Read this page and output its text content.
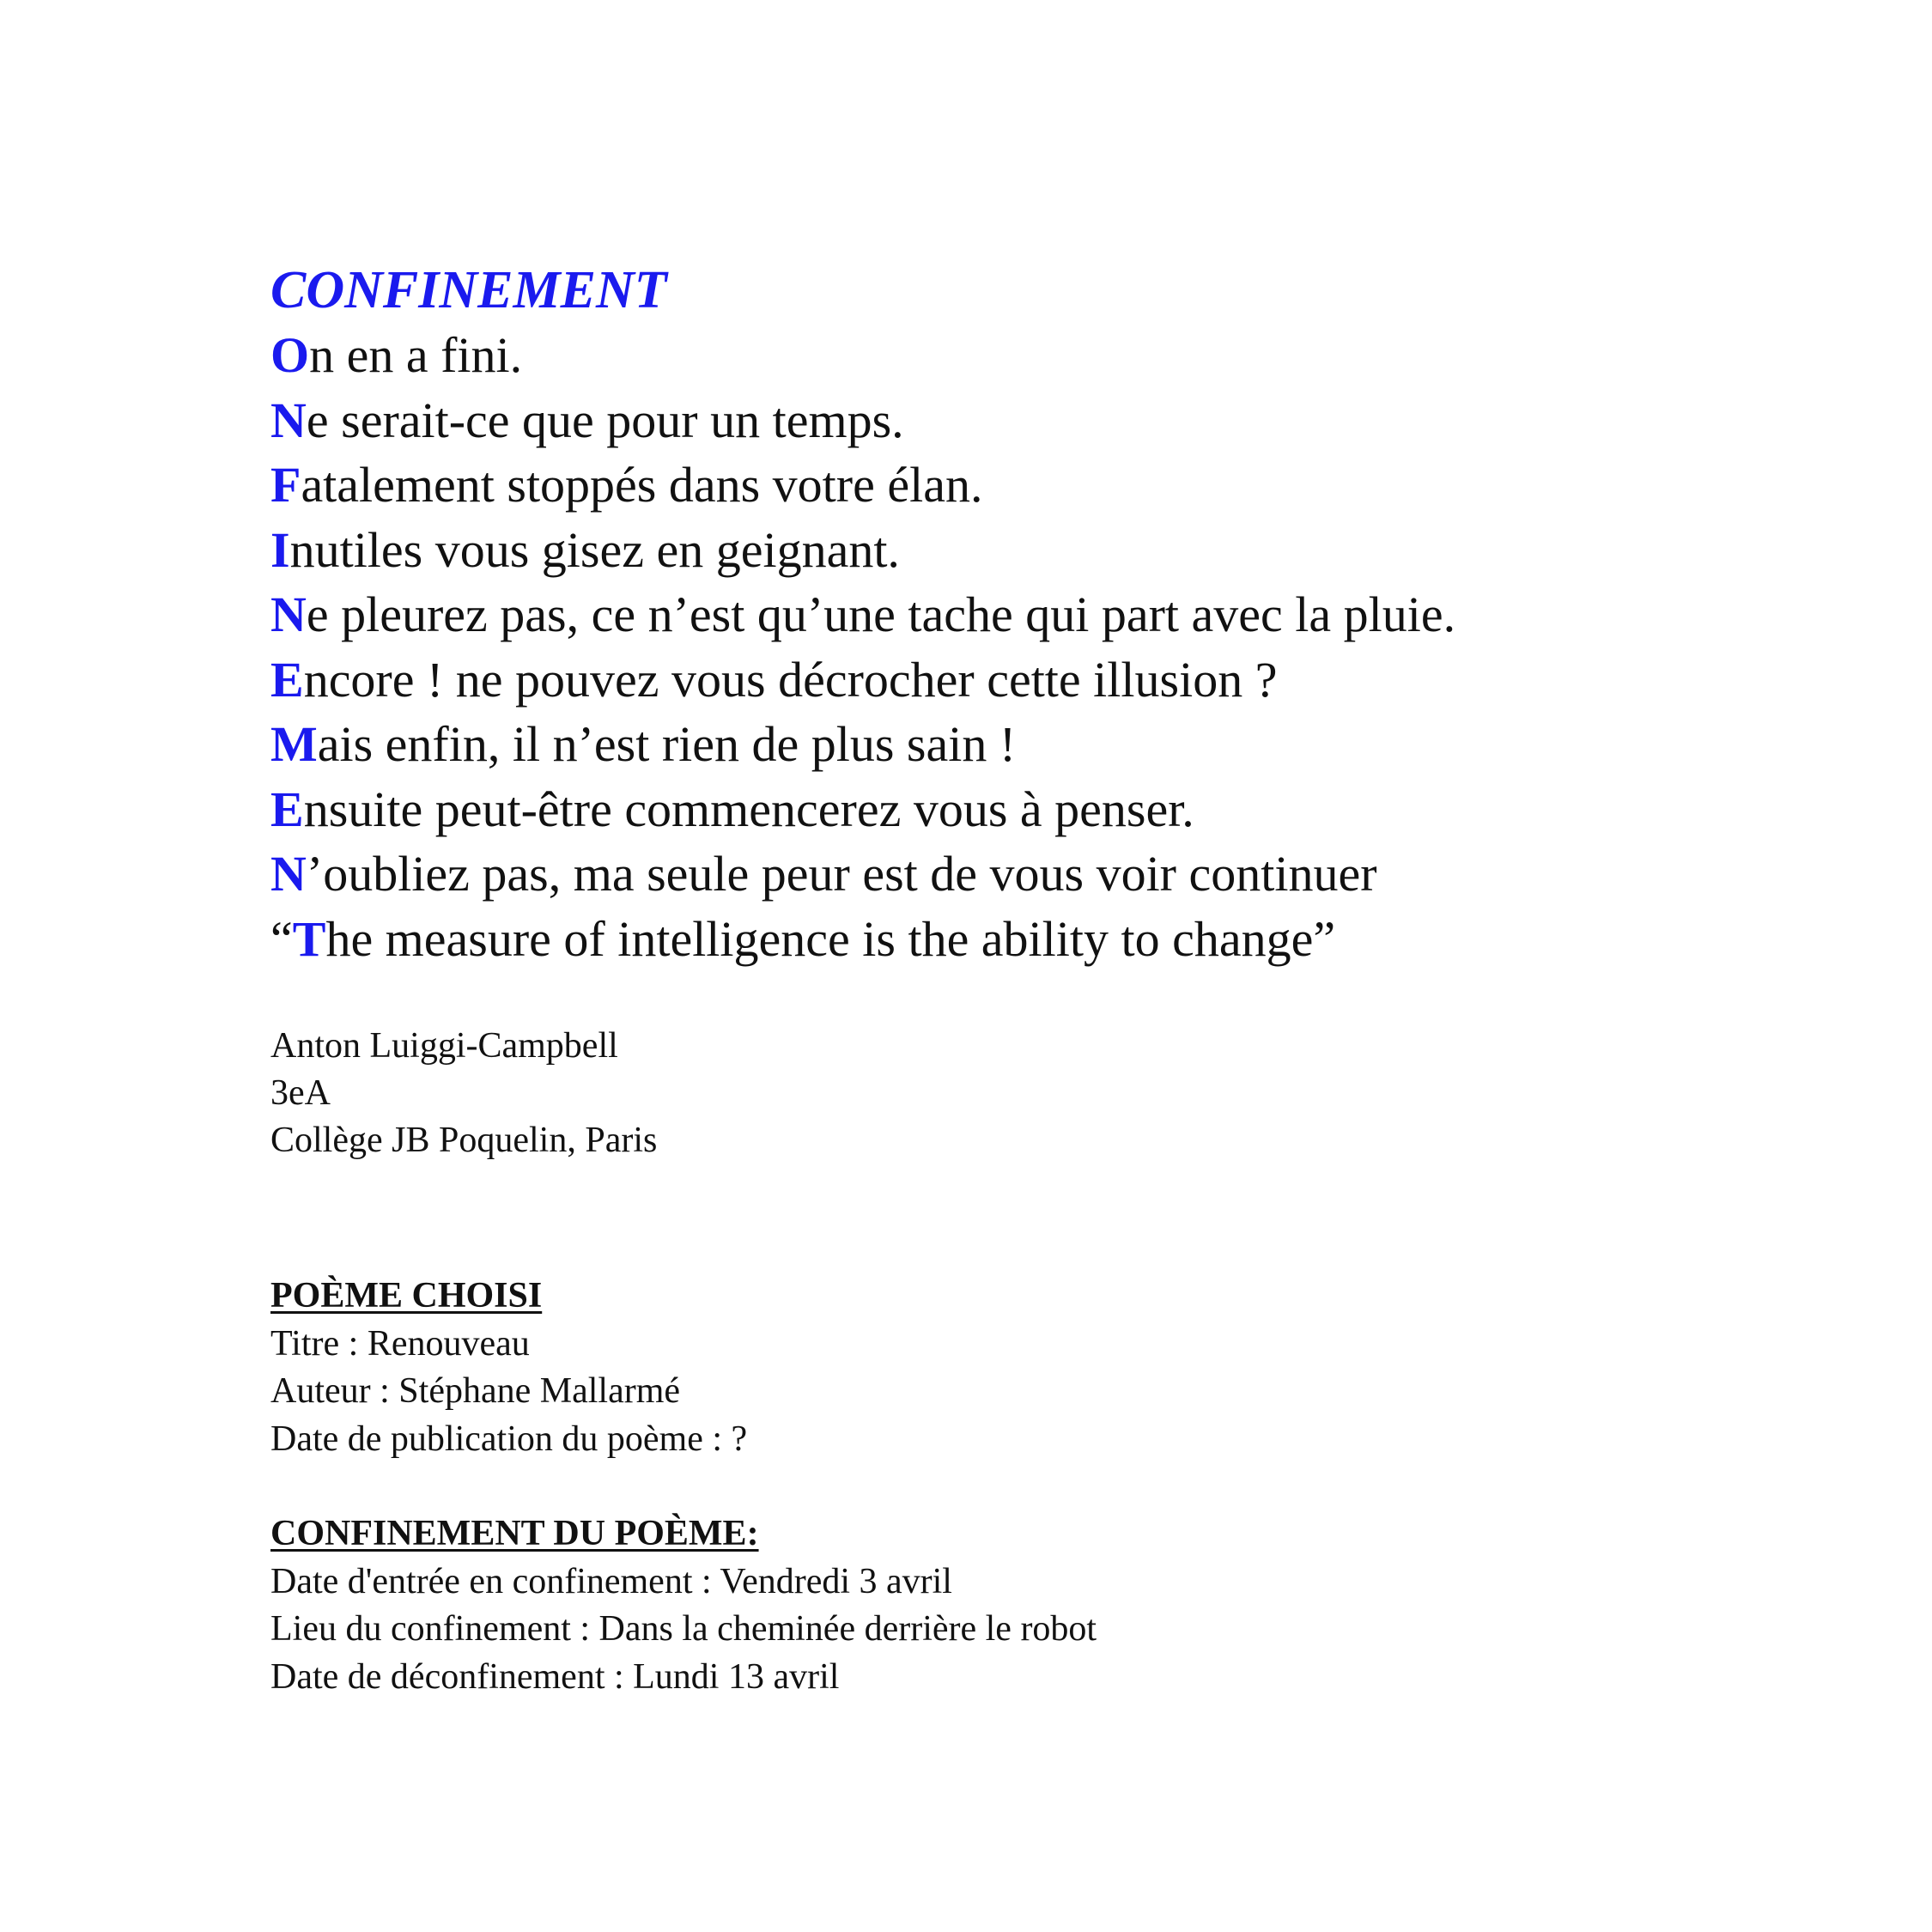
CONFINEMENT
On en a fini.
Ne serait-ce que pour un temps.
Fatalement stoppés dans votre élan.
Inutiles vous gisez en geignant.
Ne pleurez pas, ce n’est qu’une tache qui part avec la pluie.
Encore ! ne pouvez vous décrocher cette illusion ?
Mais enfin, il n’est rien de plus sain !
Ensuite peut-être commencerez vous à penser.
N’oubliez pas, ma seule peur est de vous voir continuer
“The measure of intelligence is the ability to change”
Anton Luiggi-Campbell
3eA
Collège JB Poquelin, Paris
POÈME CHOISI
Titre : Renouveau
Auteur : Stéphane Mallarmé
Date de publication du poème : ?
CONFINEMENT DU POÈME:
Date d'entrée en confinement : Vendredi 3 avril
Lieu du confinement : Dans la cheminée derrière le robot
Date de déconfinement : Lundi 13 avril
